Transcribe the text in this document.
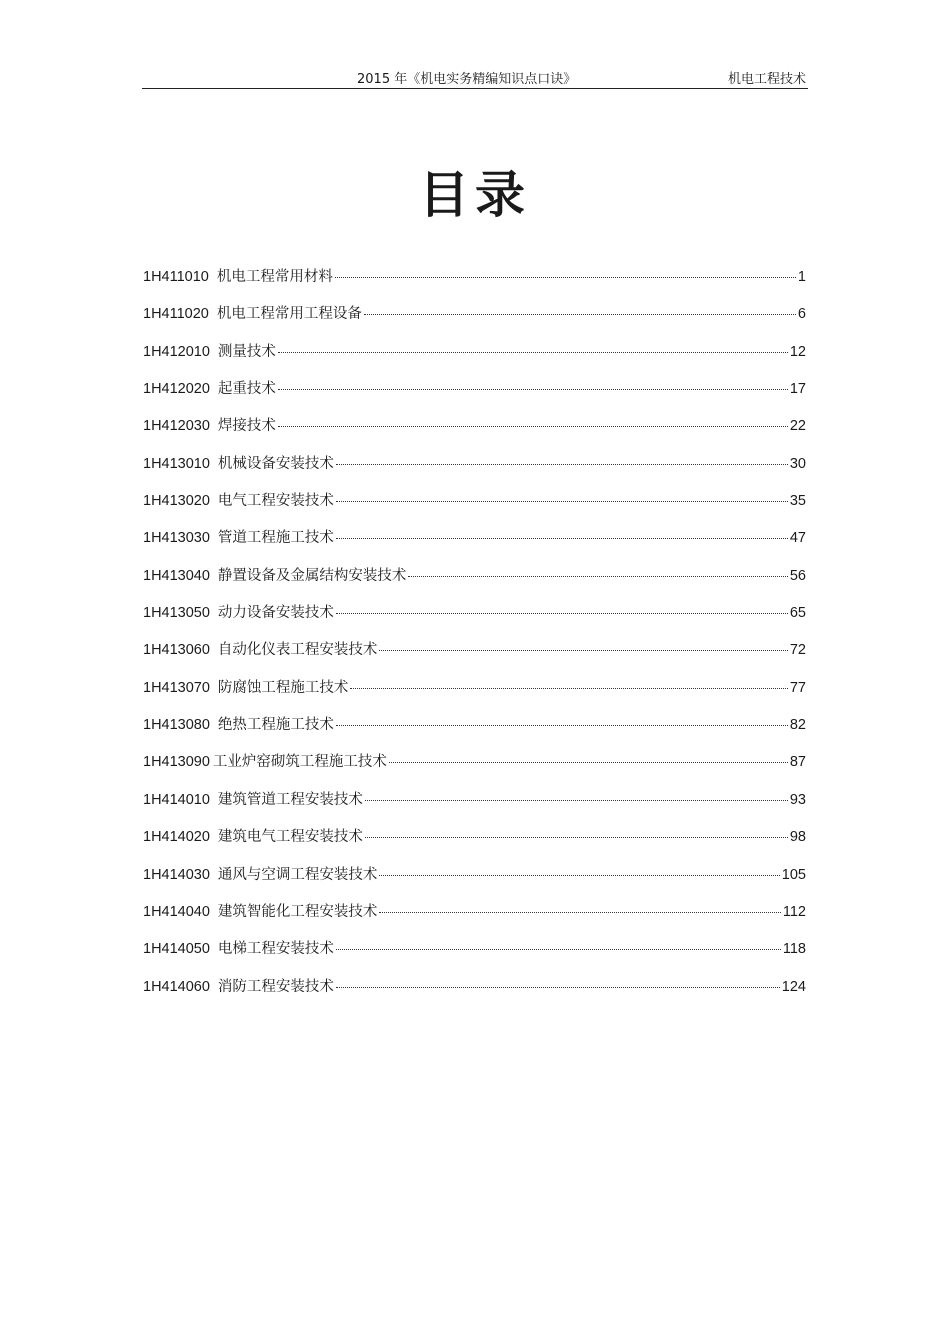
2015 年《机电实务精编知识点口诀》	机电工程技术
目录
1H411010 机电工程常用材料	1
1H411020 机电工程常用工程设备	6
1H412010 测量技术	12
1H412020 起重技术	17
1H412030 焊接技术	22
1H413010 机械设备安装技术	30
1H413020 电气工程安装技术	35
1H413030 管道工程施工技术	47
1H413040 静置设备及金属结构安装技术	56
1H413050 动力设备安装技术	65
1H413060 自动化仪表工程安装技术	72
1H413070 防腐蚀工程施工技术	77
1H413080 绝热工程施工技术	82
1H413090 工业炉窑砌筑工程施工技术	87
1H414010 建筑管道工程安装技术	93
1H414020 建筑电气工程安装技术	98
1H414030 通风与空调工程安装技术	105
1H414040 建筑智能化工程安装技术	112
1H414050 电梯工程安装技术	118
1H414060 消防工程安装技术	124
